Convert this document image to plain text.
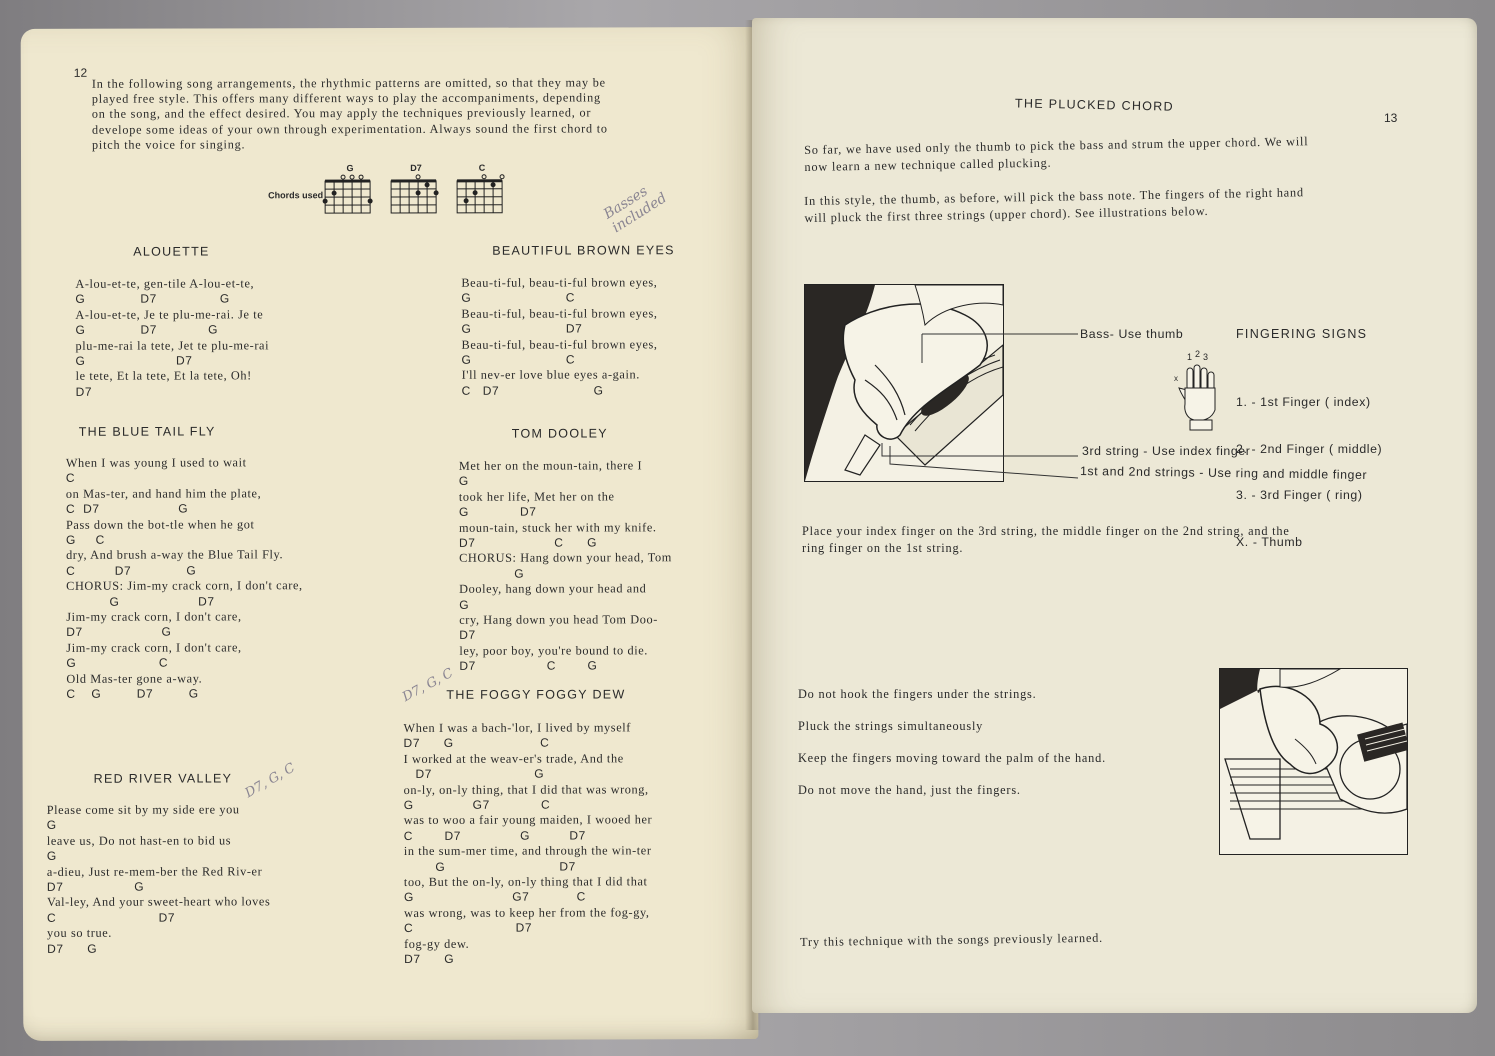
12
In the following song arrangements, the rhythmic patterns are omitted, so that they may be
played free style. This offers many different ways to play the accompaniments, depending
on the song, and the effect desired. You may apply the techniques previously learned, or
develope some ideas of your own through experimentation. Always sound the first chord to
pitch the voice for singing.
Chords used
G
	D7
	C
Basses included
ALOUETTE
A-lou-et-te, gen-tile A-lou-et-te,
G              D7                G
A-lou-et-te, Je te plu-me-rai. Je te
G              D7             G
plu-me-rai la tete, Jet te plu-me-rai
G                       D7
le tete, Et la tete, Et la tete, Oh!
D7
BEAUTIFUL BROWN EYES
Beau-ti-ful, beau-ti-ful brown eyes,
G                        C
Beau-ti-ful, beau-ti-ful brown eyes,
G                        D7
Beau-ti-ful, beau-ti-ful brown eyes,
G                        C
I'll nev-er love blue eyes a-gain.
C   D7                        G
THE BLUE TAIL FLY
When I was young I used to wait
C
on Mas-ter, and hand him the plate,
C  D7                    G
Pass down the bot-tle when he got
G     C
dry, And brush a-way the Blue Tail Fly.
C          D7              G
CHORUS: Jim-my crack corn, I don't care,
G                    D7
Jim-my crack corn, I don't care,
D7                    G
Jim-my crack corn, I don't care,
G                     C
Old Mas-ter gone a-way.
C    G         D7         G
TOM DOOLEY
Met her on the moun-tain, there I
G
took her life, Met her on the
G             D7
moun-tain, stuck her with my knife.
D7                    C      G
CHORUS: Hang down your head, Tom
G
Dooley, hang down your head and
G
cry, Hang down you head Tom Doo-
D7
ley, poor boy, you're bound to die.
D7                  C        G
D7, G, C
THE FOGGY FOGGY DEW
When I was a bach-'lor, I lived by myself
D7      G                      C
I worked at the weav-er's trade, And the
D7                          G
on-ly, on-ly thing, that I did that was wrong,
G               G7             C
was to woo a fair young maiden, I wooed her
C        D7               G          D7
in the sum-mer time, and through the win-ter
G                             D7
too, But the on-ly, on-ly thing that I did that
G                         G7            C
was wrong, was to keep her from the fog-gy,
C                          D7
fog-gy dew.
D7      G
RED RIVER VALLEY D7, G, C
Please come sit by my side ere you
G
leave us, Do not hast-en to bid us
G
a-dieu, Just re-mem-ber the Red Riv-er
D7                  G
Val-ley, And your sweet-heart who loves
C                          D7
you so true.
D7      G
THE PLUCKED CHORD
13
So far, we have used only the thumb to pick the bass and strum the upper chord. We will
now learn a new technique called plucking.
In this style, the thumb, as before, will pick the bass note. The fingers of the right hand
will pluck the first three strings (upper chord). See illustrations below.
Bass- Use thumb
3rd string - Use index finger
1st and 2nd strings - Use ring and middle finger
FINGERING SIGNS
1 2 3
x

1. - 1st Finger ( index)

2. - 2nd Finger ( middle)

3. - 3rd Finger ( ring)

X. - Thumb

Place your index finger on the 3rd string, the middle finger on the 2nd string, and the
ring finger on the 1st string.
Do not hook the fingers under the strings.
Pluck the strings simultaneously
Keep the fingers moving toward the palm of the hand.
Do not move the hand, just the fingers.
Try this technique with the songs previously learned.
